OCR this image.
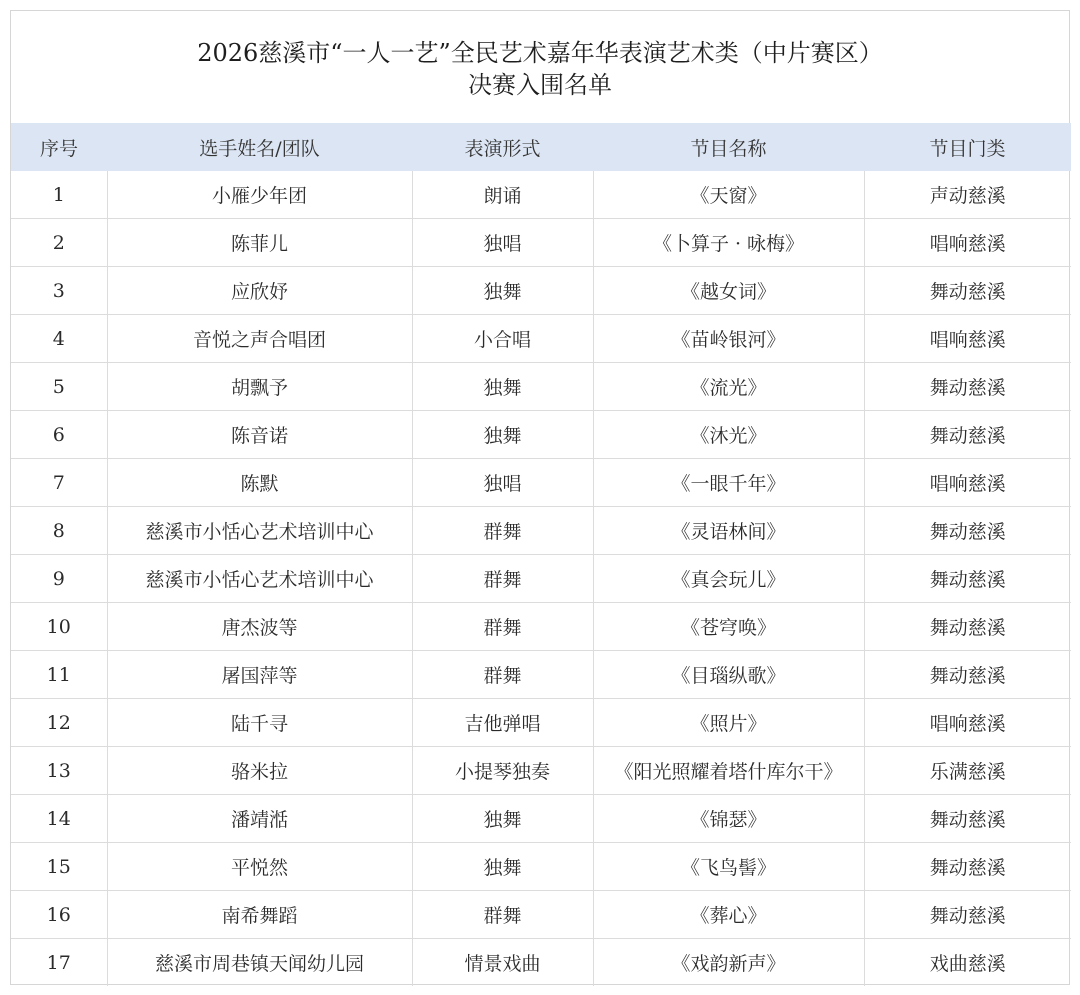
2026慈溪市“一人一艺”全民艺术嘉年华表演艺术类（中片赛区）
决赛入围名单
序号	选手姓名/团队	表演形式	节目名称	节目门类
1	小雁少年团	朗诵	《天窗》	声动慈溪
2	陈菲儿	独唱	《卜算子 · 咏梅》	唱响慈溪
3	应欣妤	独舞	《越女词》	舞动慈溪
4	音悦之声合唱团	小合唱	《苗岭银河》	唱响慈溪
5	胡飘予	独舞	《流光》	舞动慈溪
6	陈音诺	独舞	《沐光》	舞动慈溪
7	陈默	独唱	《一眼千年》	唱响慈溪
8	慈溪市小恬心艺术培训中心	群舞	《灵语林间》	舞动慈溪
9	慈溪市小恬心艺术培训中心	群舞	《真会玩儿》	舞动慈溪
10	唐杰波等	群舞	《苍穹唤》	舞动慈溪
11	屠国萍等	群舞	《目瑙纵歌》	舞动慈溪
12	陆千寻	吉他弹唱	《照片》	唱响慈溪
13	骆米拉	小提琴独奏	《阳光照耀着塔什库尔干》	乐满慈溪
14	潘靖湉	独舞	《锦瑟》	舞动慈溪
15	平悦然	独舞	《飞鸟髻》	舞动慈溪
16	南希舞蹈	群舞	《葬心》	舞动慈溪
17	慈溪市周巷镇天闻幼儿园	情景戏曲	《戏韵新声》	戏曲慈溪
